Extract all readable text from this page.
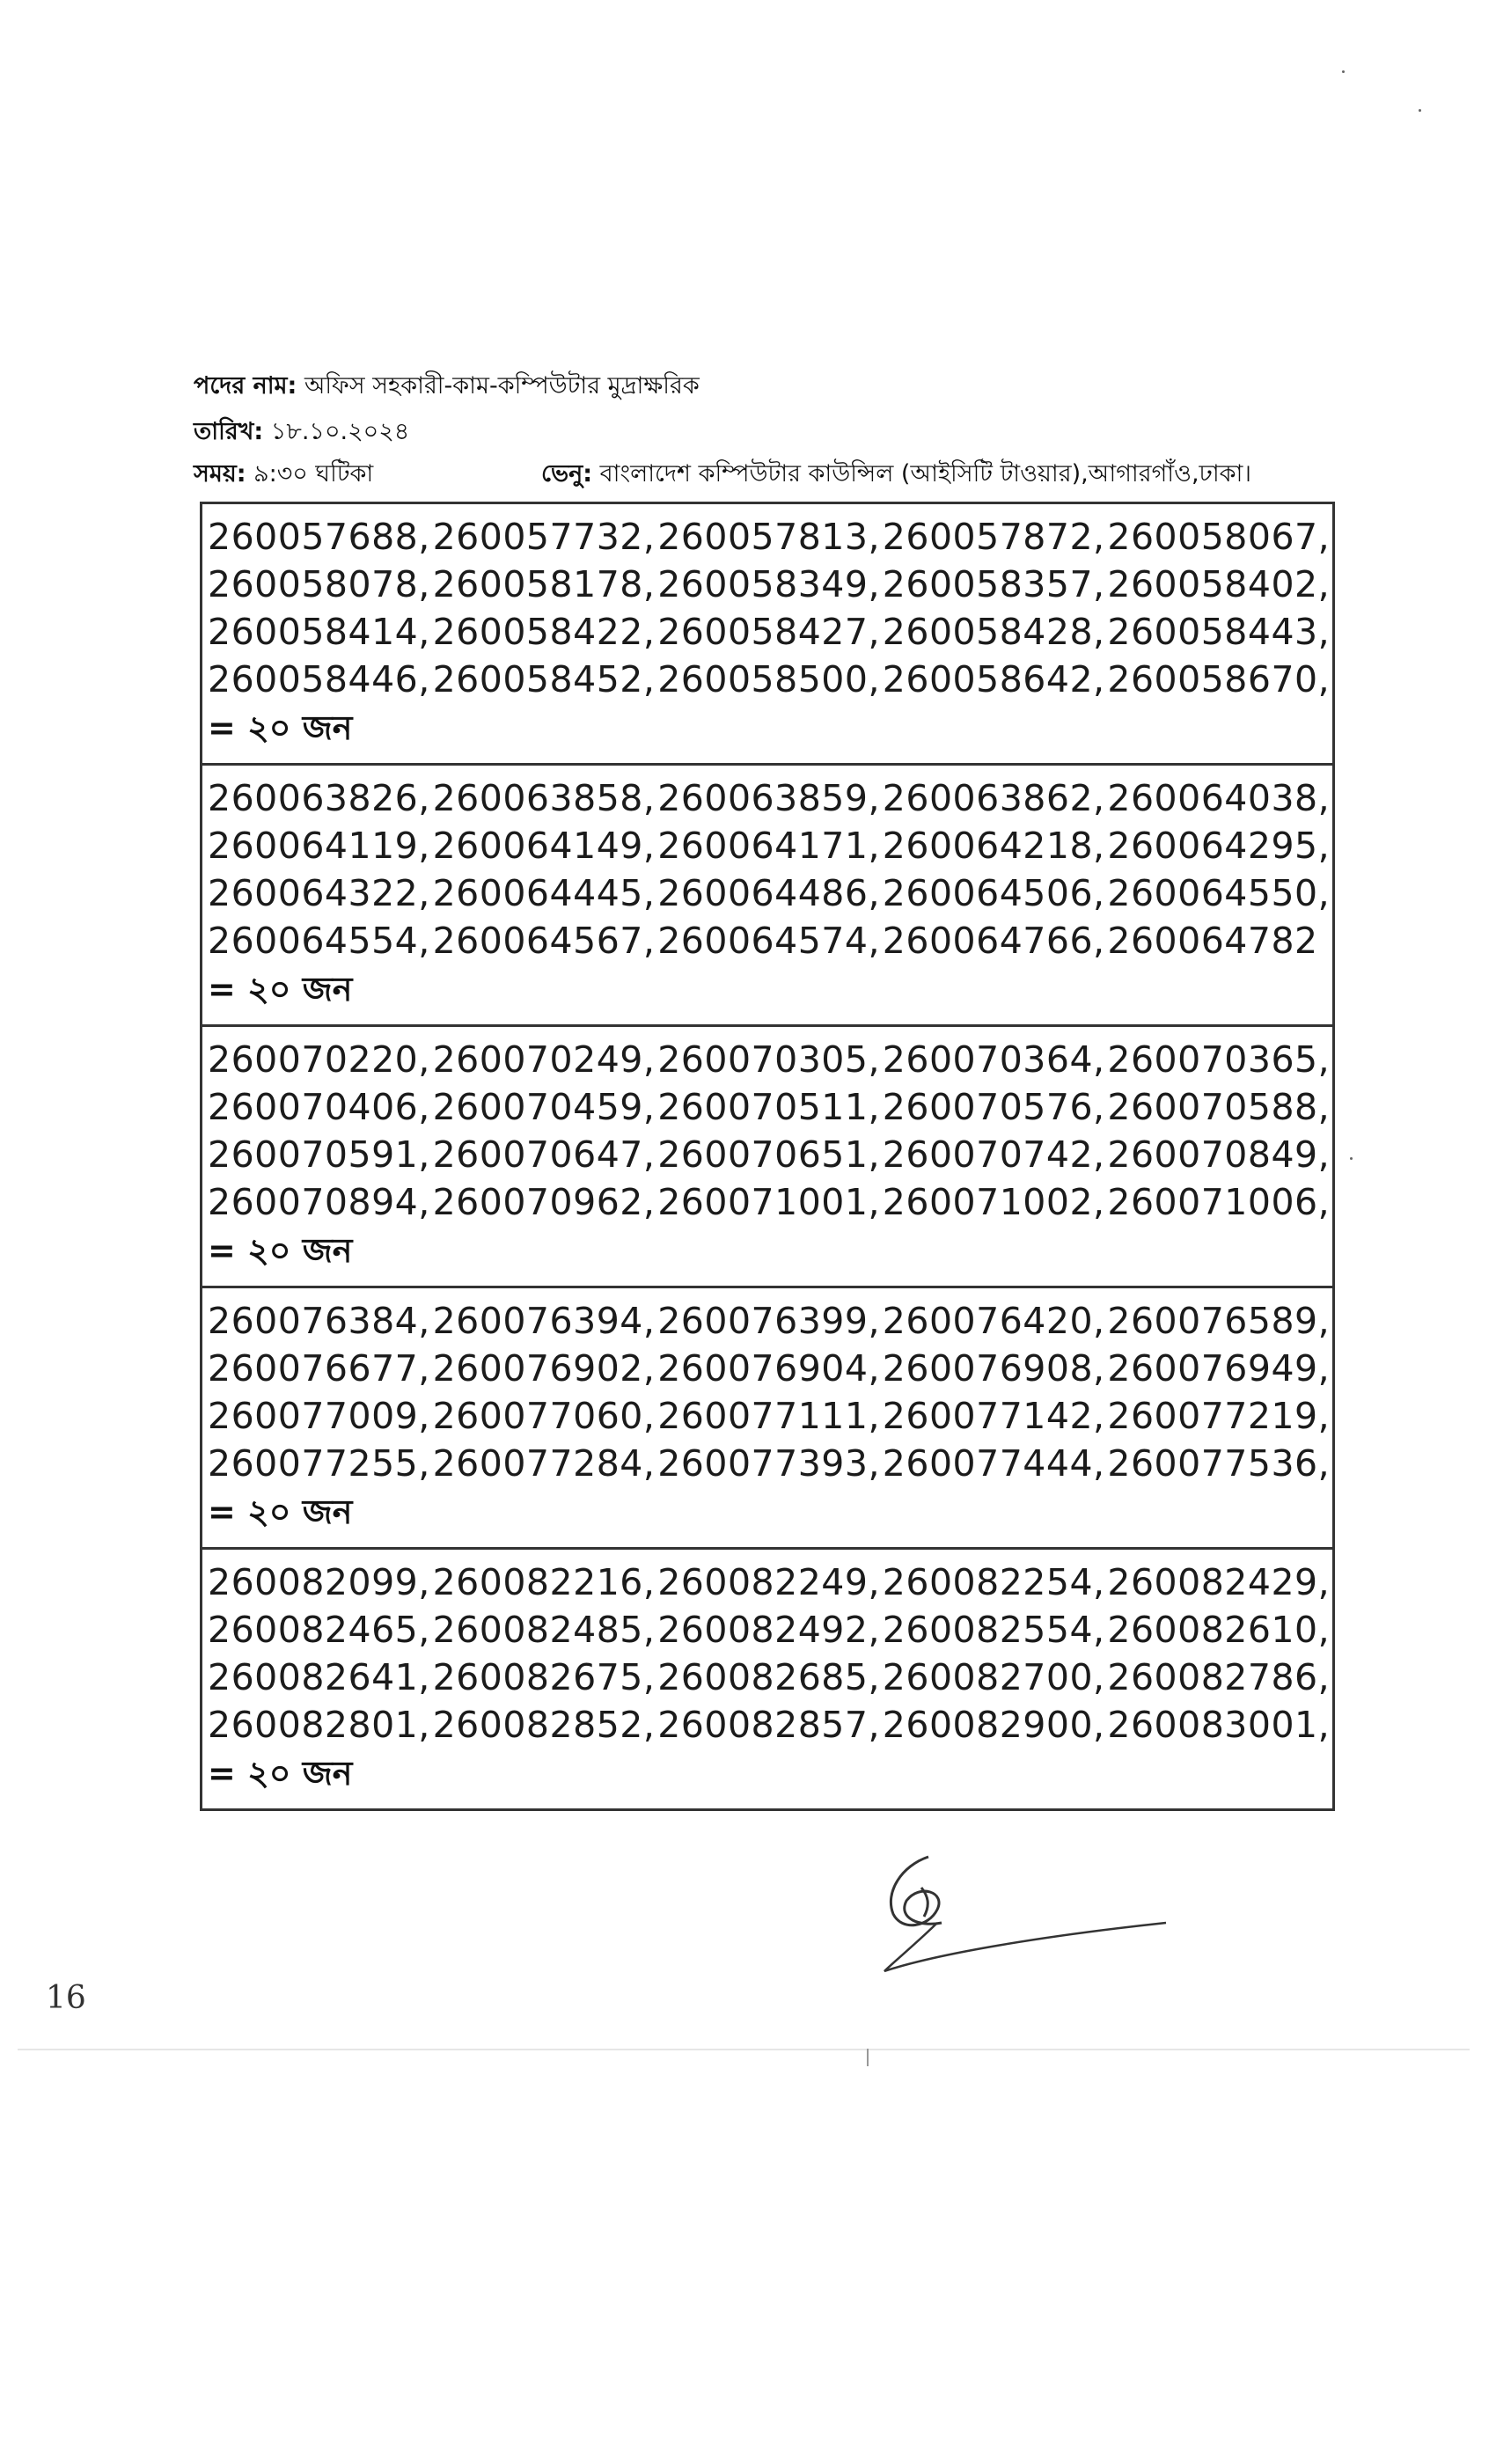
পদের নাম: অফিস সহকারী-কাম-কম্পিউটার মুদ্রাক্ষরিক
তারিখ: ১৮.১০.২০২৪
সময়: ৯:৩০ ঘটিকা	ভেনু: বাংলাদেশ কম্পিউটার কাউন্সিল (আইসিটি টাওয়ার),আগারগাঁও,ঢাকা।
260057688, 260057732, 260057813, 260057872, 260058067,
260058078, 260058178, 260058349, 260058357, 260058402,
260058414, 260058422, 260058427, 260058428, 260058443,
260058446, 260058452, 260058500, 260058642, 260058670,
= ২০ জন
260063826, 260063858, 260063859, 260063862, 260064038,
260064119, 260064149, 260064171, 260064218, 260064295,
260064322, 260064445, 260064486, 260064506, 260064550,
260064554, 260064567, 260064574, 260064766, 260064782
= ২০ জন
260070220, 260070249, 260070305, 260070364, 260070365,
260070406, 260070459, 260070511, 260070576, 260070588,
260070591, 260070647, 260070651, 260070742, 260070849,
260070894, 260070962, 260071001, 260071002, 260071006,
= ২০ জন
260076384, 260076394, 260076399, 260076420, 260076589,
260076677, 260076902, 260076904, 260076908, 260076949,
260077009, 260077060, 260077111, 260077142, 260077219,
260077255, 260077284, 260077393, 260077444, 260077536,
= ২০ জন
260082099, 260082216, 260082249, 260082254, 260082429,
260082465, 260082485, 260082492, 260082554, 260082610,
260082641, 260082675, 260082685, 260082700, 260082786,
260082801, 260082852, 260082857, 260082900, 260083001,
= ২০ জন
16
